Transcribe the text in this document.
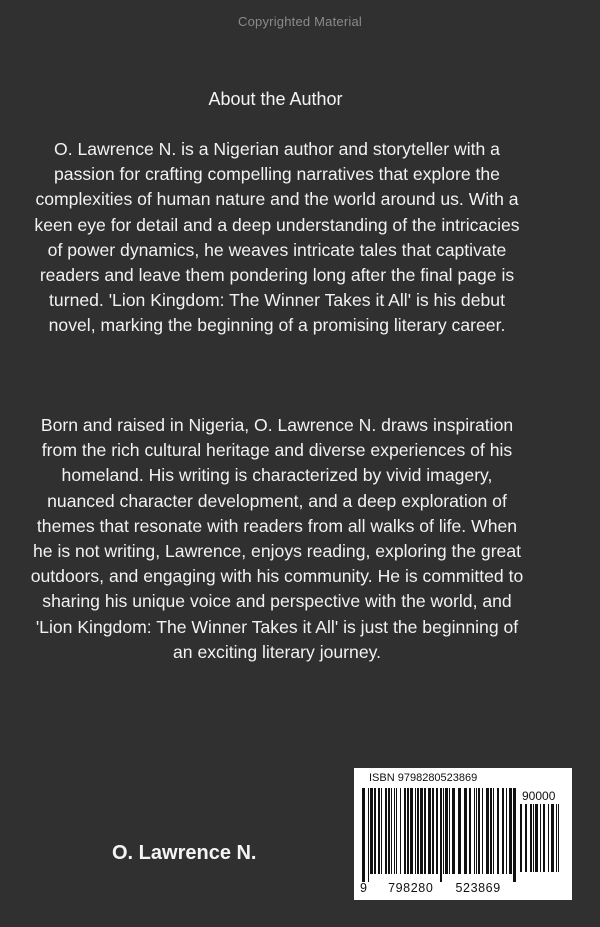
Copyrighted Material
About the Author
O. Lawrence N. is a Nigerian author and storyteller with a passion for crafting compelling narratives that explore the complexities of human nature and the world around us. With a keen eye for detail and a deep understanding of the intricacies of power dynamics, he weaves intricate tales that captivate readers and leave them pondering long after the final page is turned. 'Lion Kingdom: The Winner Takes it All' is his debut novel, marking the beginning of a promising literary career.
Born and raised in Nigeria, O. Lawrence N. draws inspiration from the rich cultural heritage and diverse experiences of his homeland. His writing is characterized by vivid imagery, nuanced character development, and a deep exploration of themes that resonate with readers from all walks of life. When he is not writing, Lawrence, enjoys reading, exploring the great outdoors, and engaging with his community. He is committed to sharing his unique voice and perspective with the world, and 'Lion Kingdom: The Winner Takes it All' is just the beginning of an exciting literary journey.
O. Lawrence N.
ISBN 9798280523869
90000
9 798280 523869
